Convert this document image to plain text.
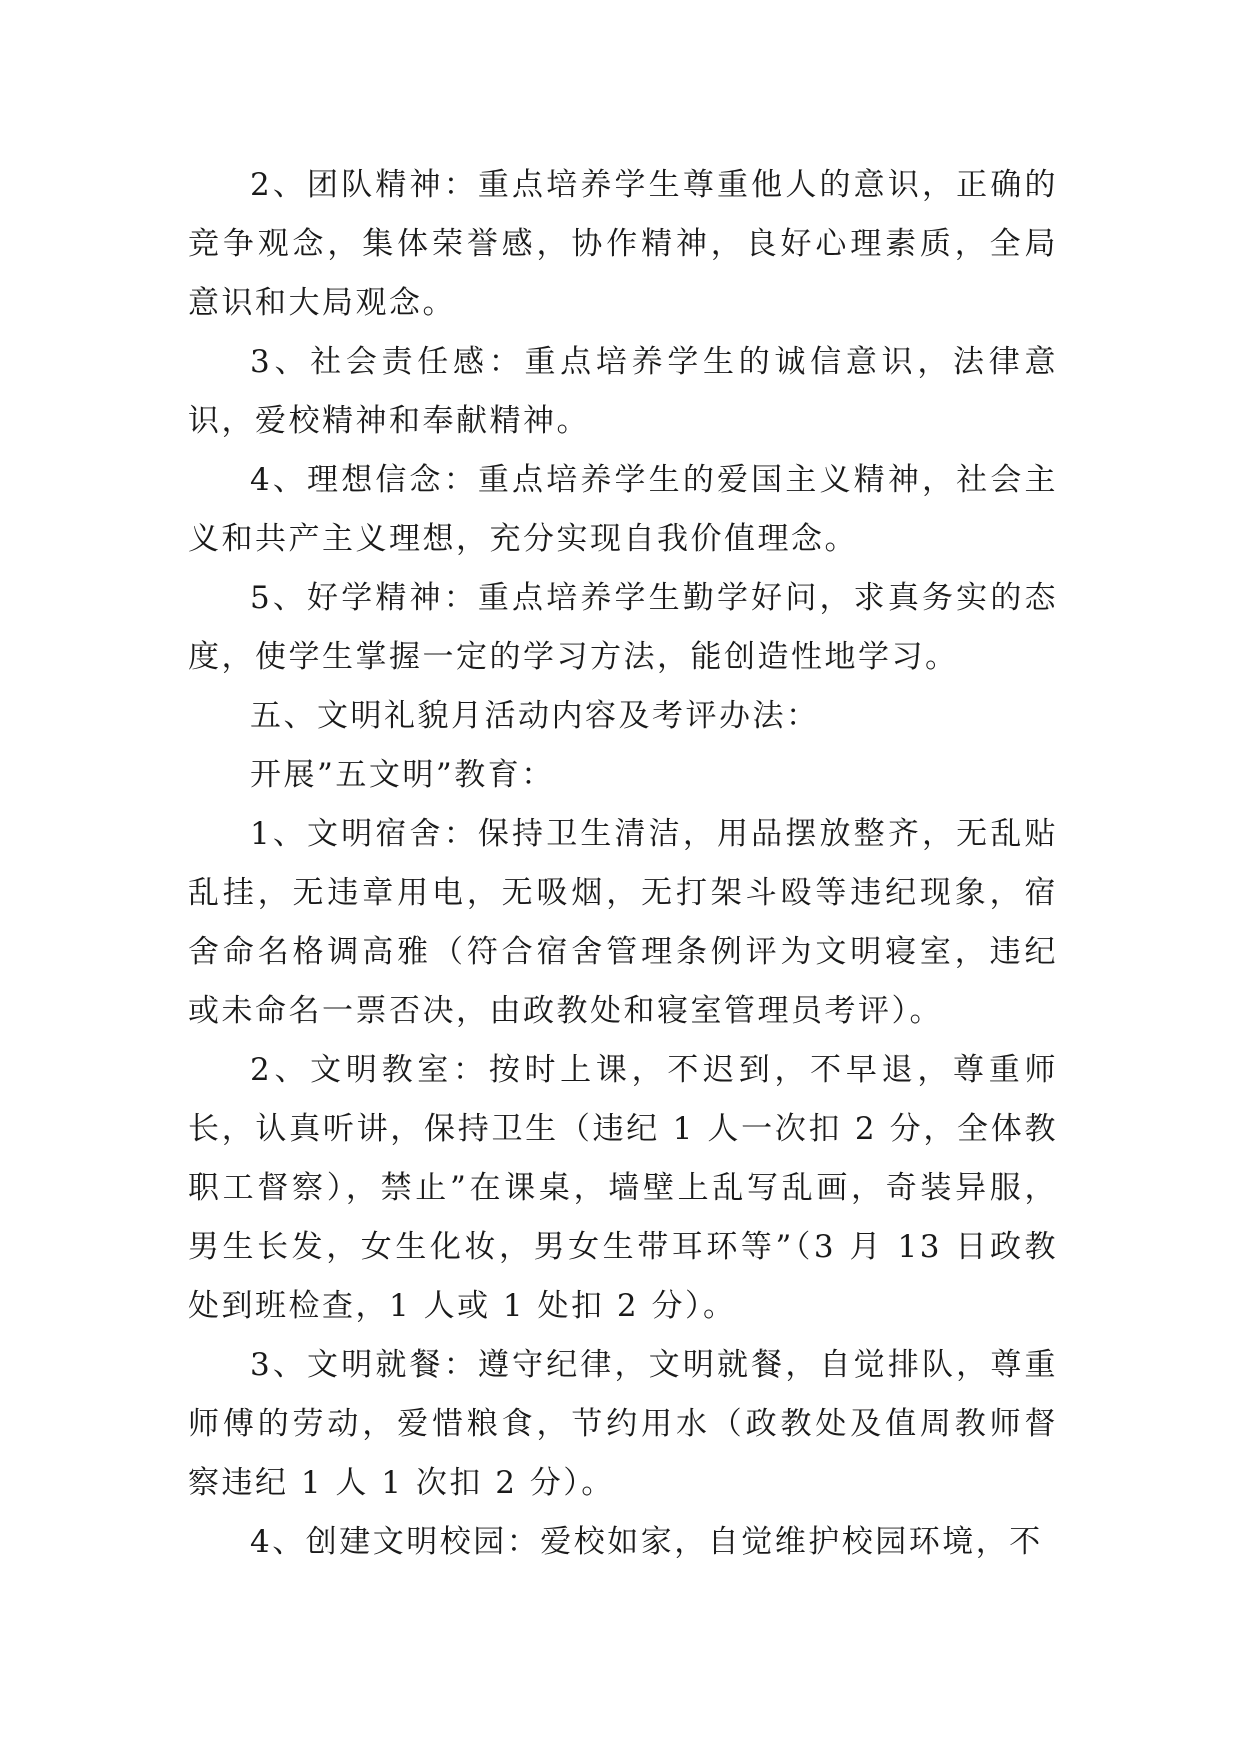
2、团队精神：重点培养学生尊重他人的意识，正确的竞争观念，集体荣誉感，协作精神，良好心理素质，全局意识和大局观念。

3、社会责任感：重点培养学生的诚信意识，法律意识，爱校精神和奉献精神。

4、理想信念：重点培养学生的爱国主义精神，社会主义和共产主义理想，充分实现自我价值理念。

5、好学精神：重点培养学生勤学好问，求真务实的态度，使学生掌握一定的学习方法，能创造性地学习。

五、文明礼貌月活动内容及考评办法：

开展”五文明”教育：

1、文明宿舍：保持卫生清洁，用品摆放整齐，无乱贴乱挂，无违章用电，无吸烟，无打架斗殴等违纪现象，宿舍命名格调高雅（符合宿舍管理条例评为文明寝室，违纪或未命名一票否决，由政教处和寝室管理员考评）。

2、文明教室：按时上课，不迟到，不早退，尊重师长，认真听讲，保持卫生（违纪 1 人一次扣 2 分，全体教职工督察），禁止”在课桌，墙壁上乱写乱画，奇装异服，男生长发，女生化妆，男女生带耳环等”（3 月 13 日政教处到班检查，1 人或 1 处扣 2 分）。

3、文明就餐：遵守纪律，文明就餐，自觉排队，尊重师傅的劳动，爱惜粮食，节约用水（政教处及值周教师督察违纪 1 人 1 次扣 2 分）。

4、创建文明校园：爱校如家，自觉维护校园环境，不
